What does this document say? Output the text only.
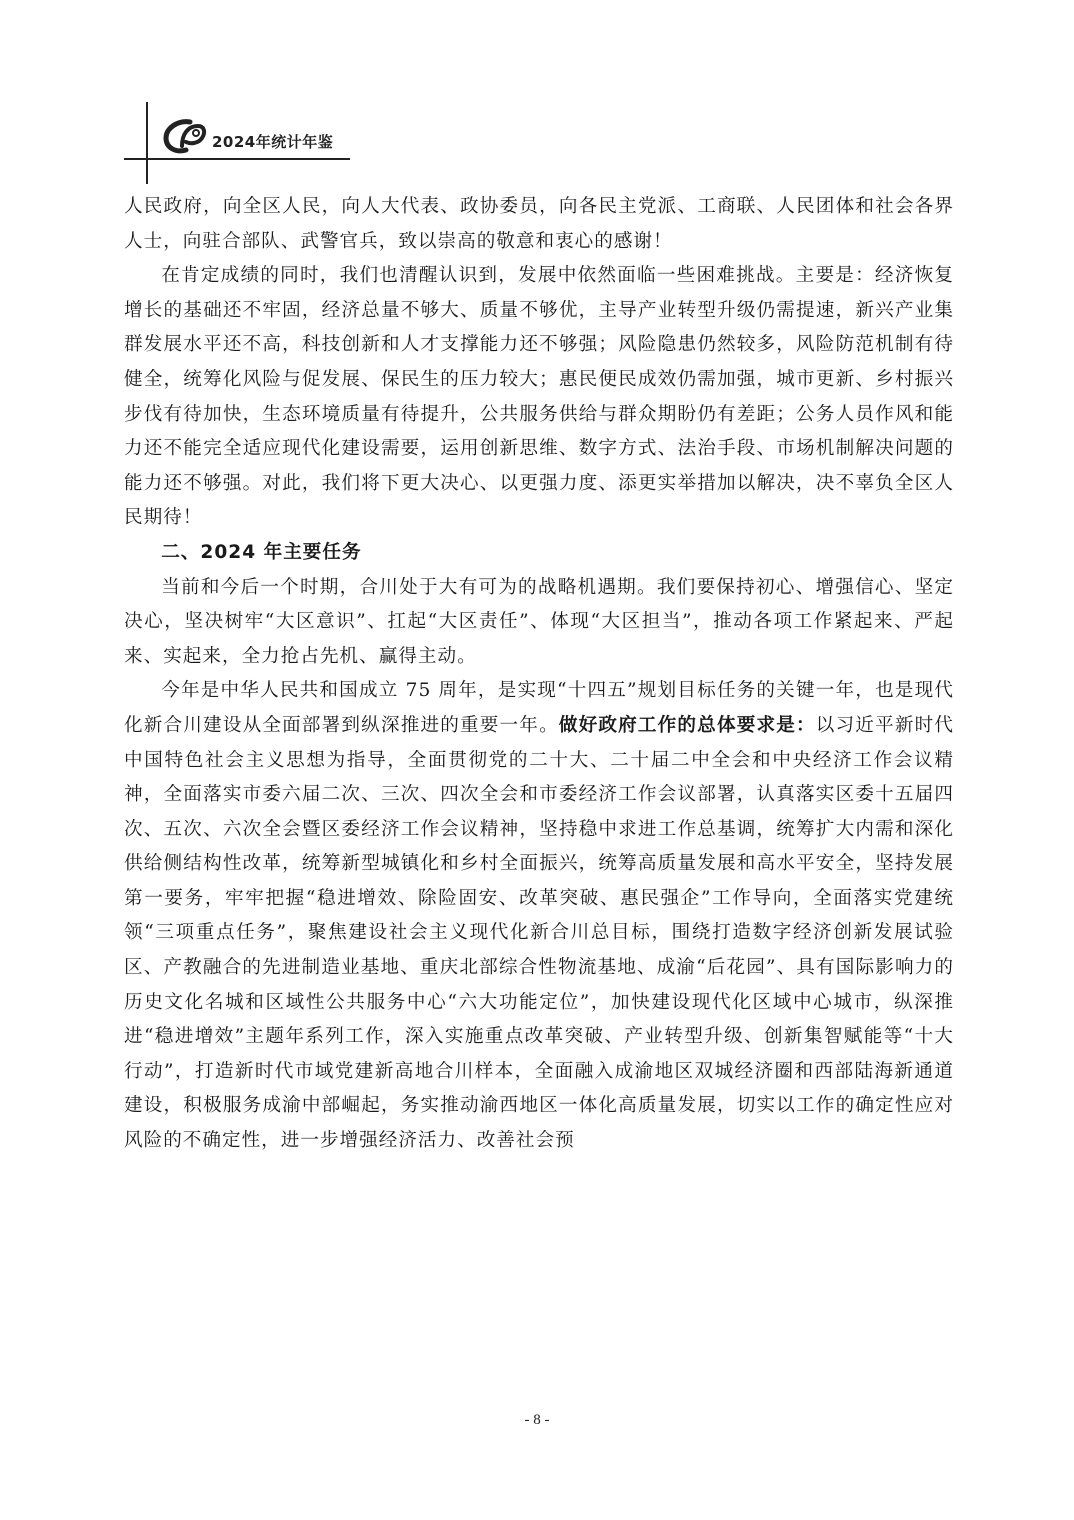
2024年统计年鉴

人民政府，向全区人民，向人大代表、政协委员，向各民主党派、工商联、人民团体和社会各界人士，向驻合部队、武警官兵，致以崇高的敬意和衷心的感谢！

在肯定成绩的同时，我们也清醒认识到，发展中依然面临一些困难挑战。主要是：经济恢复增长的基础还不牢固，经济总量不够大、质量不够优，主导产业转型升级仍需提速，新兴产业集群发展水平还不高，科技创新和人才支撑能力还不够强；风险隐患仍然较多，风险防范机制有待健全，统筹化风险与促发展、保民生的压力较大；惠民便民成效仍需加强，城市更新、乡村振兴步伐有待加快，生态环境质量有待提升，公共服务供给与群众期盼仍有差距；公务人员作风和能力还不能完全适应现代化建设需要，运用创新思维、数字方式、法治手段、市场机制解决问题的能力还不够强。对此，我们将下更大决心、以更强力度、添更实举措加以解决，决不辜负全区人民期待！

二、2024 年主要任务

当前和今后一个时期，合川处于大有可为的战略机遇期。我们要保持初心、增强信心、坚定决心，坚决树牢“大区意识”、扛起“大区责任”、体现“大区担当”，推动各项工作紧起来、严起来、实起来，全力抢占先机、赢得主动。

今年是中华人民共和国成立 75 周年，是实现“十四五”规划目标任务的关键一年，也是现代化新合川建设从全面部署到纵深推进的重要一年。做好政府工作的总体要求是：以习近平新时代中国特色社会主义思想为指导，全面贯彻党的二十大、二十届二中全会和中央经济工作会议精神，全面落实市委六届二次、三次、四次全会和市委经济工作会议部署，认真落实区委十五届四次、五次、六次全会暨区委经济工作会议精神，坚持稳中求进工作总基调，统筹扩大内需和深化供给侧结构性改革，统筹新型城镇化和乡村全面振兴，统筹高质量发展和高水平安全，坚持发展第一要务，牢牢把握“稳进增效、除险固安、改革突破、惠民强企”工作导向，全面落实党建统领“三项重点任务”，聚焦建设社会主义现代化新合川总目标，围绕打造数字经济创新发展试验区、产教融合的先进制造业基地、重庆北部综合性物流基地、成渝“后花园”、具有国际影响力的历史文化名城和区域性公共服务中心“六大功能定位”，加快建设现代化区域中心城市，纵深推进“稳进增效”主题年系列工作，深入实施重点改革突破、产业转型升级、创新集智赋能等“十大行动”，打造新时代市域党建新高地合川样本，全面融入成渝地区双城经济圈和西部陆海新通道建设，积极服务成渝中部崛起，务实推动渝西地区一体化高质量发展，切实以工作的确定性应对风险的不确定性，进一步增强经济活力、改善社会预

- 8 -
